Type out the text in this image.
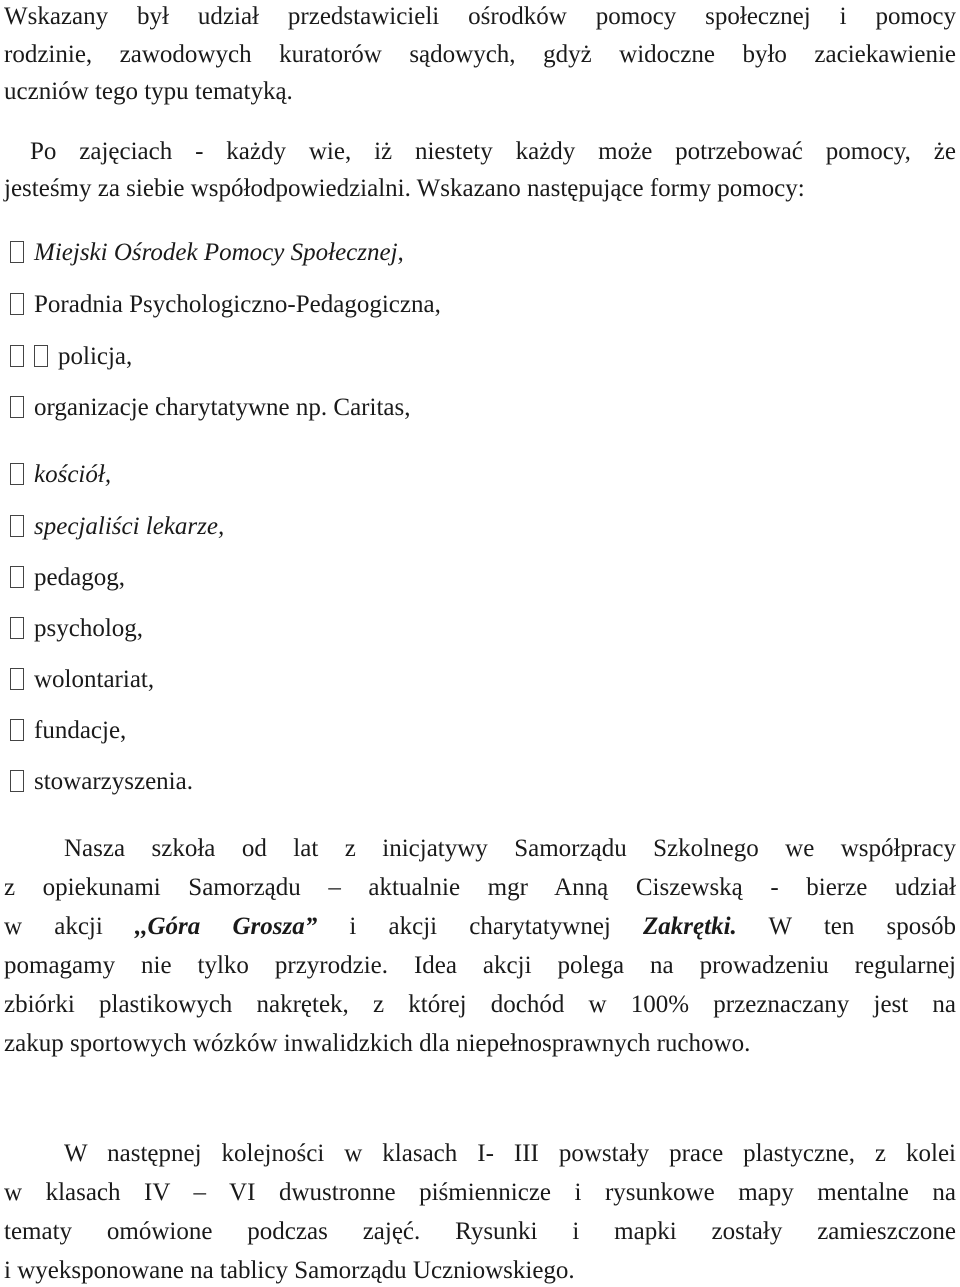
Wskazany był udział przedstawicieli ośrodków pomocy społecznej i pomocy
rodzinie, zawodowych kuratorów sądowych, gdyż widoczne było zaciekawienie
uczniów tego typu tematyką.
Po zajęciach - każdy wie, iż niestety każdy może potrzebować pomocy, że
jesteśmy za siebie współodpowiedzialni. Wskazano następujące formy pomocy:
Miejski Ośrodek Pomocy Społecznej,
Poradnia Psychologiczno-Pedagogiczna,
policja,
organizacje charytatywne np. Caritas,
kościół,
specjaliści lekarze,
pedagog,
psycholog,
wolontariat,
fundacje,
stowarzyszenia.
Nasza szkoła od lat z inicjatywy Samorządu Szkolnego we współpracy
z opiekunami Samorządu – aktualnie mgr Anną Ciszewską - bierze udział
w akcji ,,Góra Grosza” i akcji charytatywnej Zakrętki. W ten sposób
pomagamy nie tylko przyrodzie. Idea akcji polega na prowadzeniu regularnej
zbiórki plastikowych nakrętek, z której dochód w 100% przeznaczany jest na
zakup sportowych wózków inwalidzkich dla niepełnosprawnych ruchowo.
W następnej kolejności w klasach I- III powstały prace plastyczne, z kolei
w klasach IV – VI dwustronne piśmiennicze i rysunkowe mapy mentalne na
tematy omówione podczas zajęć. Rysunki i mapki zostały zamieszczone
i wyeksponowane na tablicy Samorządu Uczniowskiego.
